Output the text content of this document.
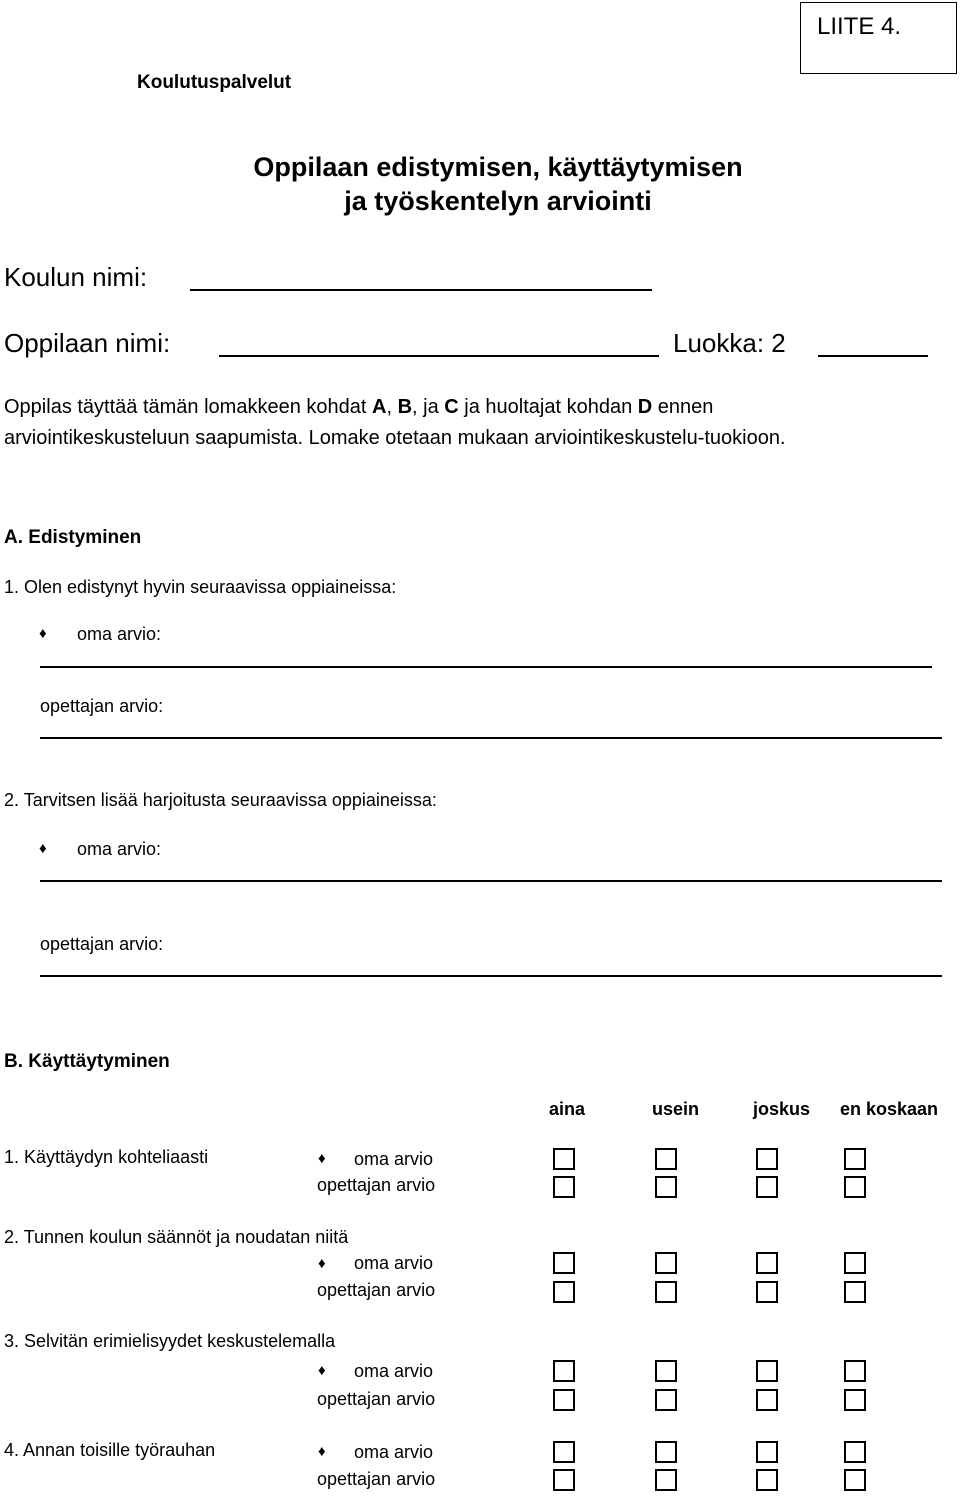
LIITE 4.
Koulutuspalvelut
Oppilaan edistymisen, käyttäytymisen
ja työskentelyn arviointi
Koulun nimi:
Oppilaan nimi:	Luokka: 2
Oppilas täyttää tämän lomakkeen kohdat A, B, ja C ja huoltajat kohdan D ennen arviointikeskusteluun saapumista. Lomake otetaan mukaan arviointikeskustelu-tuokioon.
A. Edistyminen
1. Olen edistynyt hyvin seuraavissa oppiaineissa:
♦ oma arvio:
opettajan arvio:
2. Tarvitsen lisää harjoitusta seuraavissa oppiaineissa:
♦ oma arvio:
opettajan arvio:
B. Käyttäytyminen
aina	usein	joskus en koskaan
1. Käyttäydyn kohteliaasti	♦ oma arvio
opettajan arvio
2. Tunnen koulun säännöt ja noudatan niitä
♦ oma arvio
opettajan arvio
3. Selvitän erimielisyydet keskustelemalla
♦ oma arvio
opettajan arvio
4. Annan toisille työrauhan	♦ oma arvio
opettajan arvio
